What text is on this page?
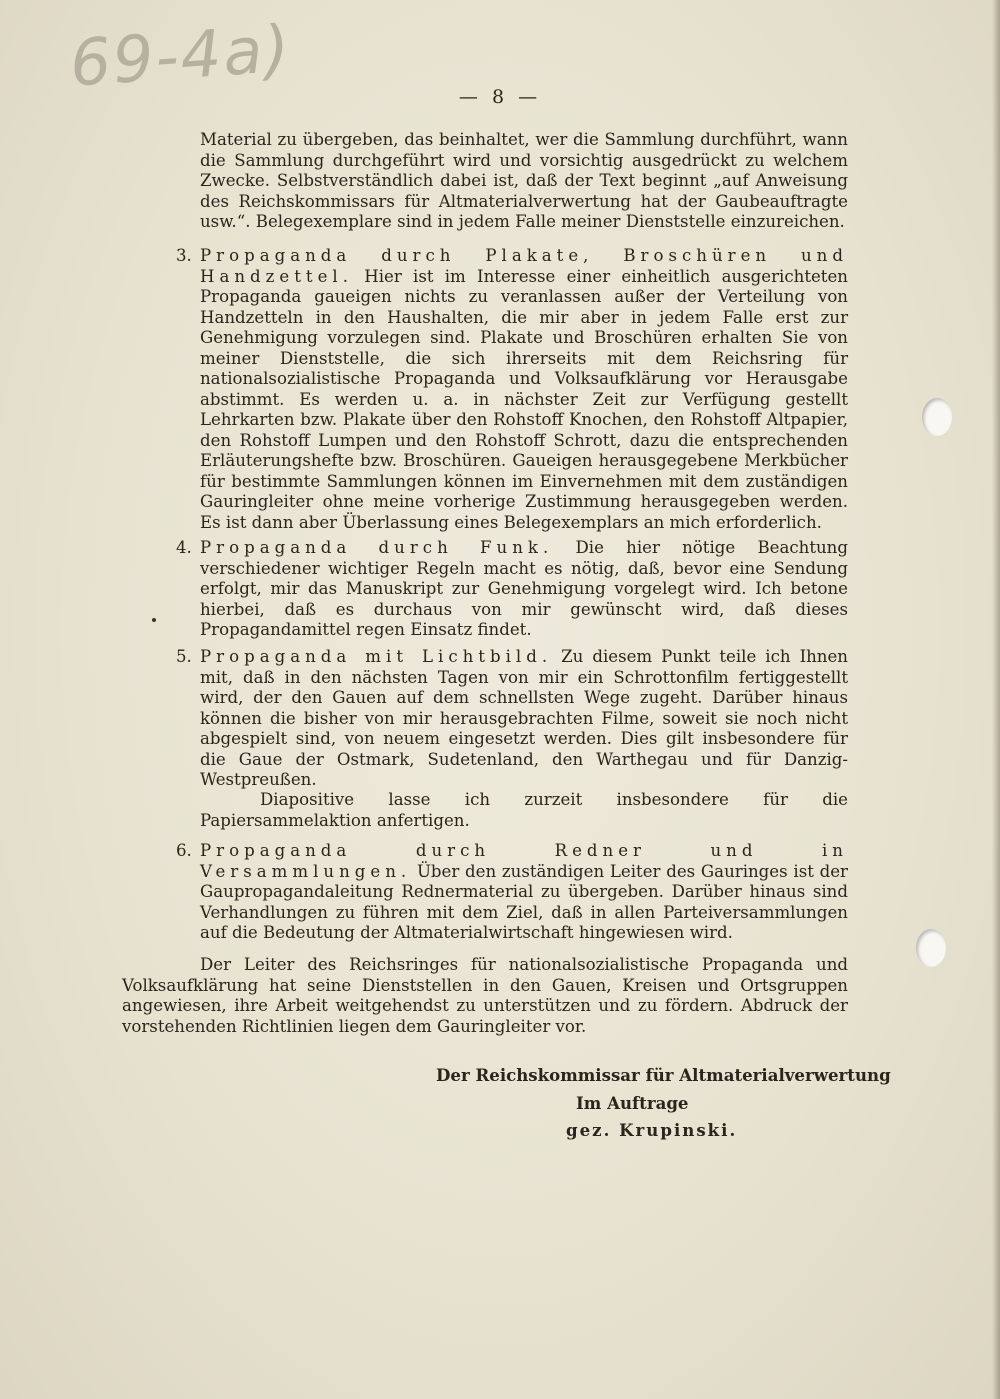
69-4a)	— 8 —
Material zu übergeben, das beinhaltet, wer die Sammlung durchführt, wann die Sammlung durchgeführt wird und vorsichtig ausgedrückt zu welchem Zwecke. Selbstverständlich dabei ist, daß der Text beginnt „auf Anweisung des Reichskommissars für Altmaterialverwertung hat der Gaubeauftragte usw.“. Belegexemplare sind in jedem Falle meiner Dienststelle einzureichen.
3. Propaganda durch Plakate, Broschüren und Handzettel. Hier ist im Interesse einer einheitlich ausgerichteten Propaganda gaueigen nichts zu veranlassen außer der Verteilung von Handzetteln in den Haushalten, die mir aber in jedem Falle erst zur Genehmigung vorzulegen sind. Plakate und Broschüren erhalten Sie von meiner Dienststelle, die sich ihrerseits mit dem Reichsring für nationalsozialistische Propaganda und Volksaufklärung vor Herausgabe abstimmt. Es werden u. a. in nächster Zeit zur Verfügung gestellt Lehrkarten bzw. Plakate über den Rohstoff Knochen, den Rohstoff Altpapier, den Rohstoff Lumpen und den Rohstoff Schrott, dazu die entsprechenden Erläuterungshefte bzw. Broschüren. Gaueigen herausgegebene Merkbücher für bestimmte Sammlungen können im Einvernehmen mit dem zuständigen Gauringleiter ohne meine vorherige Zustimmung herausgegeben werden. Es ist dann aber Überlassung eines Belegexemplars an mich erforderlich.
4. Propaganda durch Funk. Die hier nötige Beachtung verschiedener wichtiger Regeln macht es nötig, daß, bevor eine Sendung erfolgt, mir das Manuskript zur Genehmigung vorgelegt wird. Ich betone hierbei, daß es durchaus von mir gewünscht wird, daß dieses Propagandamittel regen Einsatz findet.
5. Propaganda mit Lichtbild. Zu diesem Punkt teile ich Ihnen mit, daß in den nächsten Tagen von mir ein Schrottonfilm fertiggestellt wird, der den Gauen auf dem schnellsten Wege zugeht. Darüber hinaus können die bisher von mir herausgebrachten Filme, soweit sie noch nicht abgespielt sind, von neuem eingesetzt werden. Dies gilt insbesondere für die Gaue der Ostmark, Sudetenland, den Warthegau und für Danzig-Westpreußen.
Diapositive lasse ich zurzeit insbesondere für die Papiersammelaktion anfertigen.
6. Propaganda durch Redner und in Versammlungen. Über den zuständigen Leiter des Gauringes ist der Gaupropagandaleitung Rednermaterial zu übergeben. Darüber hinaus sind Verhandlungen zu führen mit dem Ziel, daß in allen Parteiversammlungen auf die Bedeutung der Altmaterialwirtschaft hingewiesen wird.
Der Leiter des Reichsringes für nationalsozialistische Propaganda und Volksaufklärung hat seine Dienststellen in den Gauen, Kreisen und Ortsgruppen angewiesen, ihre Arbeit weitgehendst zu unterstützen und zu fördern. Abdruck der vorstehenden Richtlinien liegen dem Gauringleiter vor.
Der Reichskommissar für Altmaterialverwertung
Im Auftrage
gez. Krupinski.
